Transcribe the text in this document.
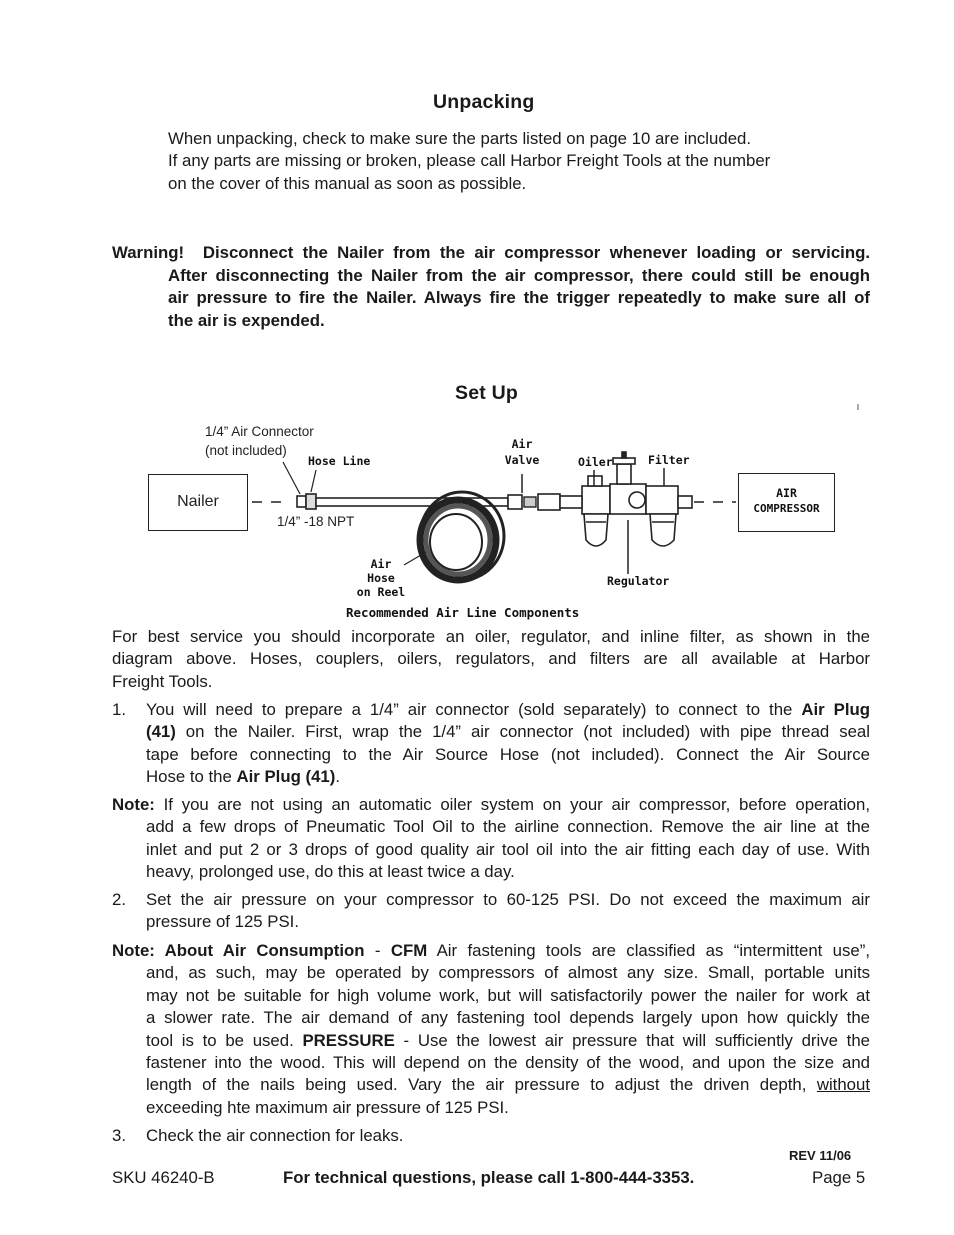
Unpacking
When unpacking, check to make sure the parts listed on page 10 are included.
If any parts are missing or broken, please call Harbor Freight Tools at the number
on the cover of this manual as soon as possible.
Warning! Disconnect the Nailer from the air compressor whenever loading or servicing.
After disconnecting the Nailer from the air compressor, there could still be enough
air pressure to fire the Nailer. Always fire the trigger repeatedly to make sure all of
the air is expended.
Set Up
Nailer	AIR
COMPRESSOR
1/4” Air Connector
(not included)
Hose Line
1/4” -18 NPT
Air Hose
on Reel
Air
Valve	Oiler	Filter
Regulator
Recommended Air Line Components
For best service you should incorporate an oiler, regulator, and inline filter, as shown in the
diagram above. Hoses, couplers, oilers, regulators, and filters are all available at Harbor
Freight Tools.
1. You will need to prepare a 1/4” air connector (sold separately) to connect to the Air Plug
(41) on the Nailer. First, wrap the 1/4” air connector (not included) with pipe thread seal
tape before connecting to the Air Source Hose (not included). Connect the Air Source
Hose to the Air Plug (41).
Note: If you are not using an automatic oiler system on your air compressor, before operation,
add a few drops of Pneumatic Tool Oil to the airline connection. Remove the air line at the
inlet and put 2 or 3 drops of good quality air tool oil into the air fitting each day of use. With
heavy, prolonged use, do this at least twice a day.
2. Set the air pressure on your compressor to 60-125 PSI. Do not exceed the maximum air
pressure of 125 PSI.
Note: About Air Consumption - CFM Air fastening tools are classified as “intermittent use”,
and, as such, may be operated by compressors of almost any size. Small, portable units
may not be suitable for high volume work, but will satisfactorily power the nailer for work at
a slower rate. The air demand of any fastening tool depends largely upon how quickly the
tool is to be used. PRESSURE - Use the lowest air pressure that will sufficiently drive the
fastener into the wood. This will depend on the density of the wood, and upon the size and
length of the nails being used. Vary the air pressure to adjust the driven depth, without
exceeding hte maximum air pressure of 125 PSI.
3.	Check the air connection for leaks.
REV 11/06
SKU 46240-B	For technical questions, please call 1-800-444-3353.	Page 5
